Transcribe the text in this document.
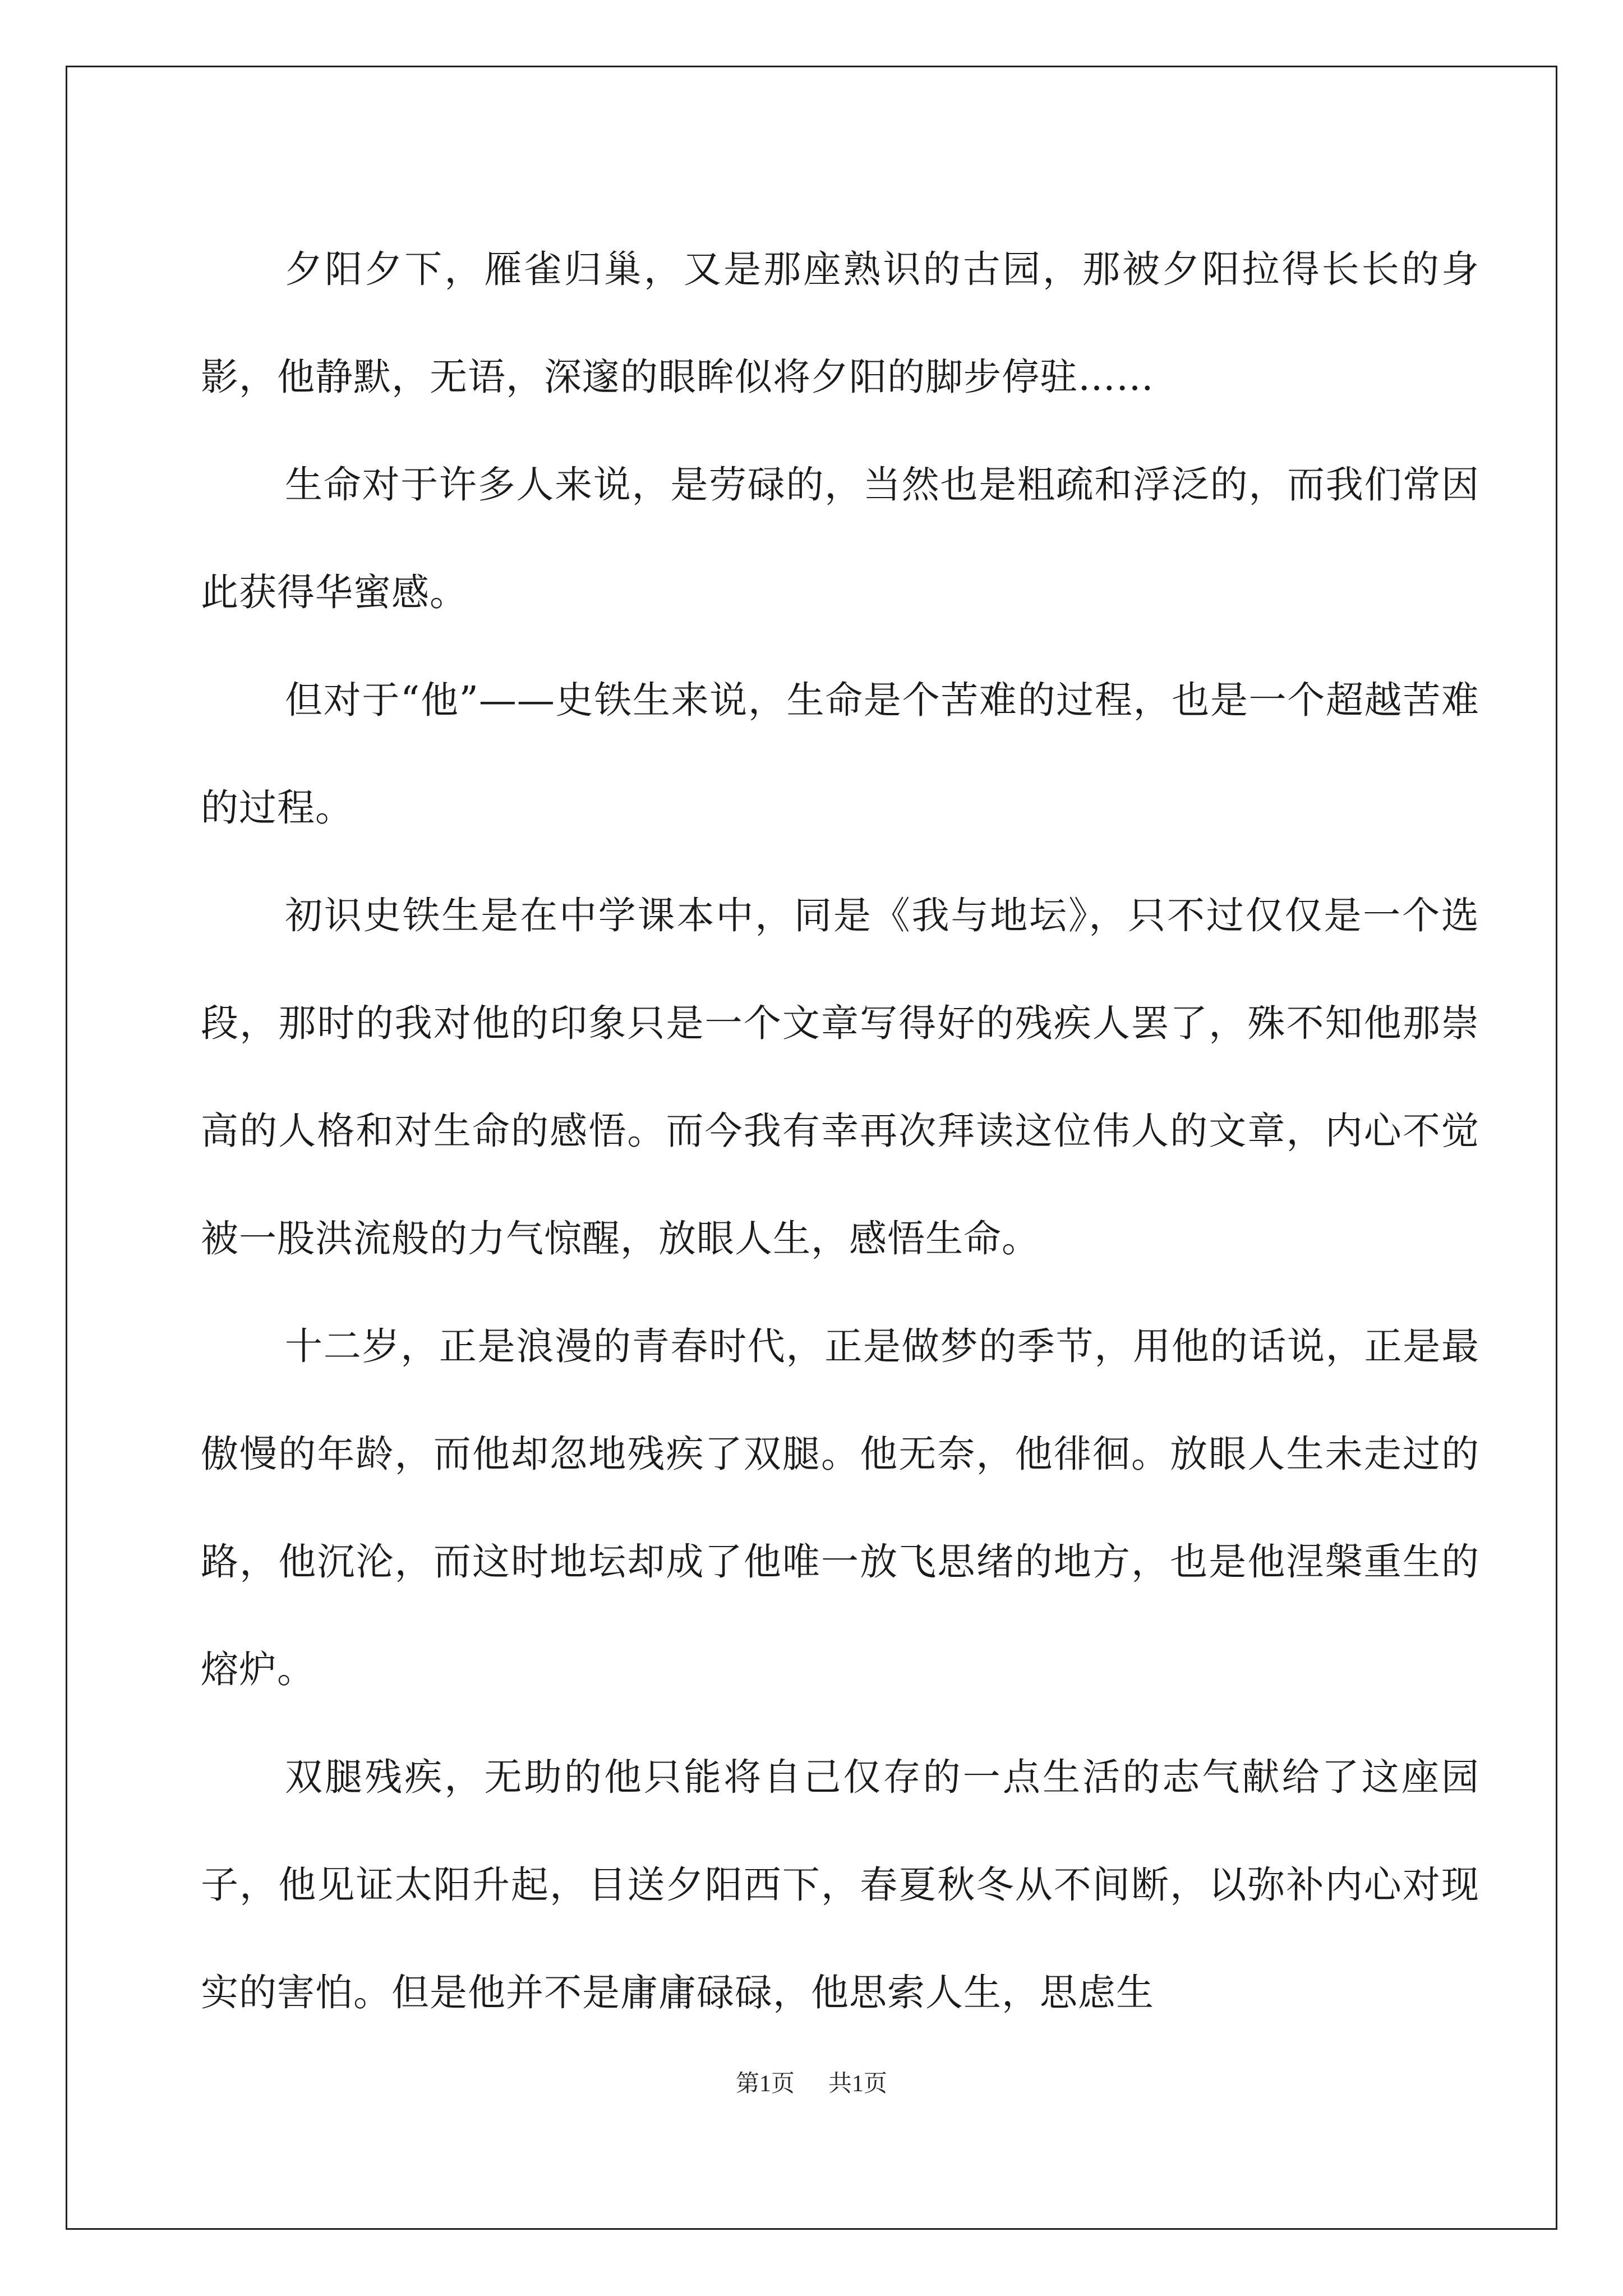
夕阳夕下，雁雀归巢，又是那座熟识的古园，那被夕阳拉得长长的身影，他静默，无语，深邃的眼眸似将夕阳的脚步停驻……

生命对于许多人来说，是劳碌的，当然也是粗疏和浮泛的，而我们常因此获得华蜜感。

但对于“他”——史铁生来说，生命是个苦难的过程，也是一个超越苦难的过程。

初识史铁生是在中学课本中，同是《我与地坛》，只不过仅仅是一个选段，那时的我对他的印象只是一个文章写得好的残疾人罢了，殊不知他那崇高的人格和对生命的感悟。而今我有幸再次拜读这位伟人的文章，内心不觉被一股洪流般的力气惊醒，放眼人生，感悟生命。

十二岁，正是浪漫的青春时代，正是做梦的季节，用他的话说，正是最傲慢的年龄，而他却忽地残疾了双腿。他无奈，他徘徊。放眼人生未走过的路，他沉沦，而这时地坛却成了他唯一放飞思绪的地方，也是他涅槃重生的熔炉。

双腿残疾，无助的他只能将自己仅存的一点生活的志气献给了这座园子，他见证太阳升起，目送夕阳西下，春夏秋冬从不间断，以弥补内心对现实的害怕。但是他并不是庸庸碌碌，他思索人生，思虑生

第1页 共1页
